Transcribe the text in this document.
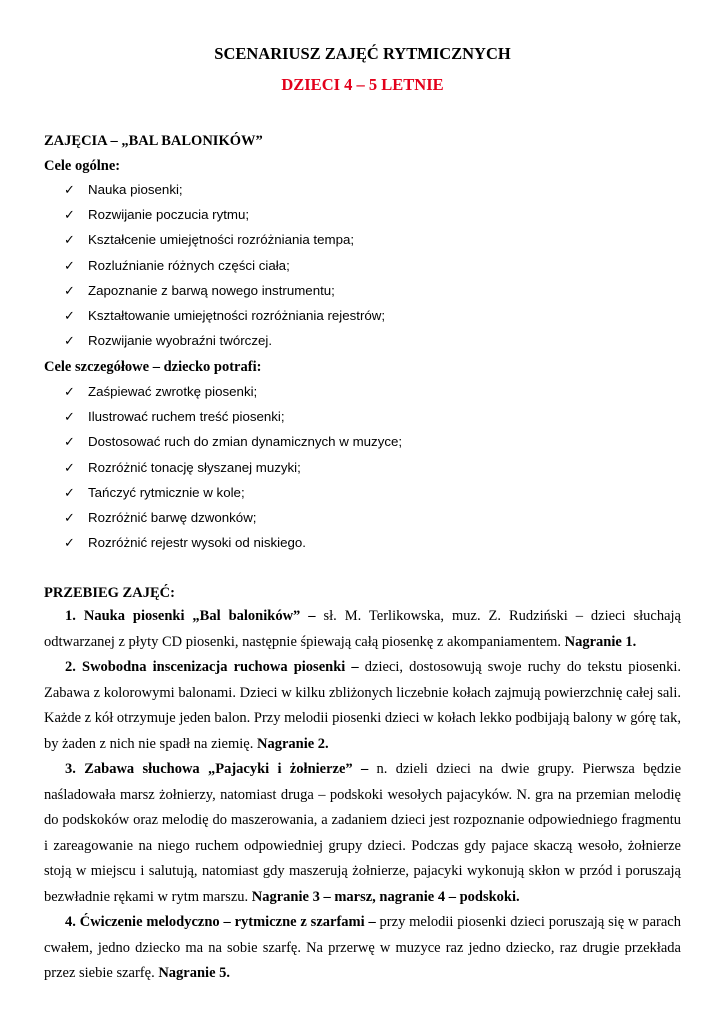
SCENARIUSZ ZAJĘĆ RYTMICZNYCH
DZIECI 4 – 5 LETNIE
ZAJĘCIA – „BAL BALONIKÓW”
Cele ogólne:
✓ Nauka piosenki;
✓ Rozwijanie poczucia rytmu;
✓ Kształcenie umiejętności rozróżniania tempa;
✓ Rozluźnianie różnych części ciała;
✓ Zapoznanie z barwą nowego instrumentu;
✓ Kształtowanie umiejętności rozróżniania rejestrów;
✓ Rozwijanie wyobraźni twórczej.
Cele szczegółowe – dziecko potrafi:
✓ Zaśpiewać zwrotkę piosenki;
✓ Ilustrować ruchem treść piosenki;
✓ Dostosować ruch do zmian dynamicznych w muzyce;
✓ Rozróżnić tonację słyszanej muzyki;
✓ Tańczyć rytmicznie w kole;
✓ Rozróżnić barwę dzwonków;
✓ Rozróżnić rejestr wysoki od niskiego.
PRZEBIEG ZAJĘĆ:
1. Nauka piosenki „Bal baloników” – sł. M. Terlikowska, muz. Z. Rudziński – dzieci słuchają odtwarzanej z płyty CD piosenki, następnie śpiewają całą piosenkę z akompaniamentem. Nagranie 1.
2. Swobodna inscenizacja ruchowa piosenki – dzieci, dostosowują swoje ruchy do tekstu piosenki. Zabawa z kolorowymi balonami. Dzieci w kilku zbliżonych liczebnie kołach zajmują powierzchnię całej sali. Każde z kół otrzymuje jeden balon. Przy melodii piosenki dzieci w kołach lekko podbijają balony w górę tak, by żaden z nich nie spadł na ziemię. Nagranie 2.
3. Zabawa słuchowa „Pajacyki i żołnierze” – n. dzieli dzieci na dwie grupy. Pierwsza będzie naśladowała marsz żołnierzy, natomiast druga – podskoki wesołych pajacyków. N. gra na przemian melodię do podskoków oraz melodię do maszerowania, a zadaniem dzieci jest rozpoznanie odpowiedniego fragmentu i zareagowanie na niego ruchem odpowiedniej grupy dzieci. Podczas gdy pajace skaczą wesoło, żołnierze stoją w miejscu i salutują, natomiast gdy maszerują żołnierze, pajacyki wykonują skłon w przód i poruszają bezwładnie rękami w rytm marszu. Nagranie 3 – marsz, nagranie 4 – podskoki.
4. Ćwiczenie melodyczno – rytmiczne z szarfami – przy melodii piosenki dzieci poruszają się w parach cwałem, jedno dziecko ma na sobie szarfę. Na przerwę w muzyce raz jedno dziecko, raz drugie przekłada przez siebie szarfę. Nagranie 5.
